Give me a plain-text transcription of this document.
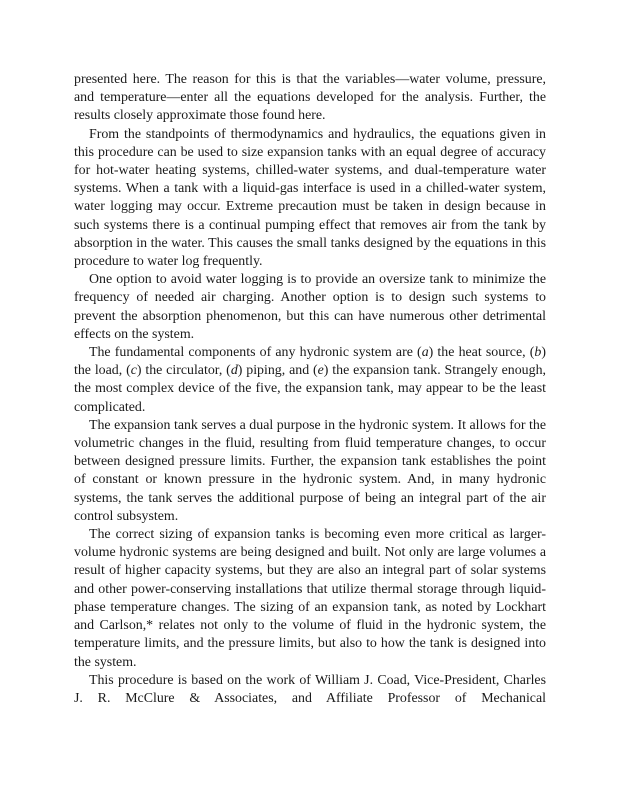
presented here. The reason for this is that the variables—water volume, pressure, and temperature—enter all the equations developed for the analysis. Further, the results closely approximate those found here.

From the standpoints of thermodynamics and hydraulics, the equations given in this procedure can be used to size expansion tanks with an equal degree of accuracy for hot-water heating systems, chilled-water systems, and dual-temperature water systems. When a tank with a liquid-gas interface is used in a chilled-water system, water logging may occur. Extreme precaution must be taken in design because in such systems there is a continual pumping effect that removes air from the tank by absorption in the water. This causes the small tanks designed by the equations in this procedure to water log frequently.

One option to avoid water logging is to provide an oversize tank to minimize the frequency of needed air charging. Another option is to design such systems to prevent the absorption phenomenon, but this can have numerous other detrimental effects on the system.

The fundamental components of any hydronic system are (a) the heat source, (b) the load, (c) the circulator, (d) piping, and (e) the expansion tank. Strangely enough, the most complex device of the five, the expansion tank, may appear to be the least complicated.

The expansion tank serves a dual purpose in the hydronic system. It allows for the volumetric changes in the fluid, resulting from fluid temperature changes, to occur between designed pressure limits. Further, the expansion tank establishes the point of constant or known pressure in the hydronic system. And, in many hydronic systems, the tank serves the additional purpose of being an integral part of the air control subsystem.

The correct sizing of expansion tanks is becoming even more critical as larger-volume hydronic systems are being designed and built. Not only are large volumes a result of higher capacity systems, but they are also an integral part of solar systems and other power-conserving installations that utilize thermal storage through liquid-phase temperature changes. The sizing of an expansion tank, as noted by Lockhart and Carlson,* relates not only to the volume of fluid in the hydronic system, the temperature limits, and the pressure limits, but also to how the tank is designed into the system.

This procedure is based on the work of William J. Coad, Vice-President, Charles J. R. McClure & Associates, and Affiliate Professor of Mechanical
